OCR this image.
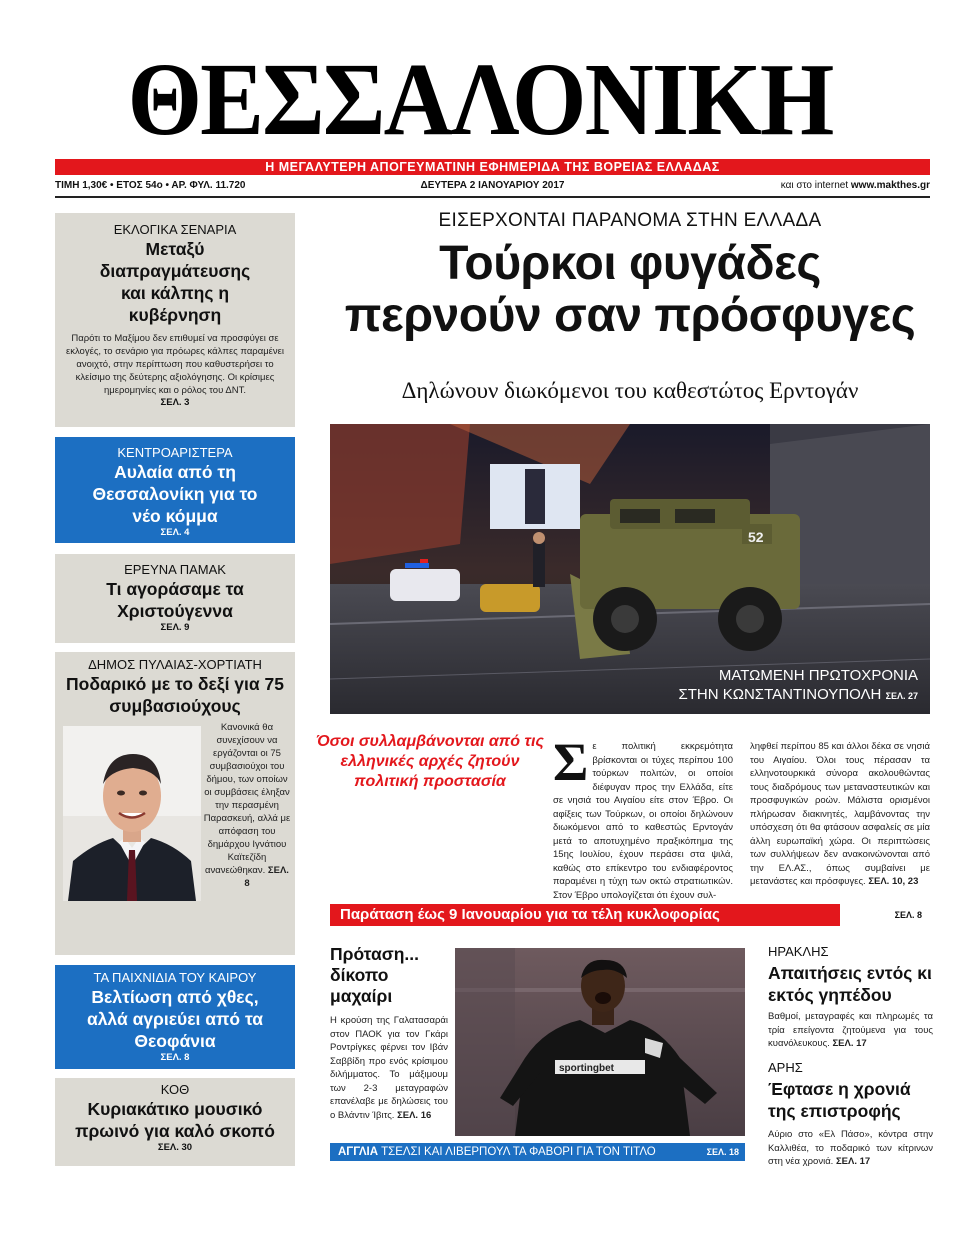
ΘΕΣΣΑΛΟΝΙΚΗ
Η ΜΕΓΑΛΥΤΕΡΗ ΑΠΟΓΕΥΜΑΤΙΝΗ ΕΦΗΜΕΡΙΔΑ ΤΗΣ ΒΟΡΕΙΑΣ ΕΛΛΑΔΑΣ
ΤΙΜΗ 1,30€ • ΕΤΟΣ 54ο • ΑΡ. ΦΥΛ. 11.720	ΔΕΥΤΕΡΑ 2 ΙΑΝΟΥΑΡΙΟΥ 2017	και στο internet www.makthes.gr
ΕΚΛΟΓΙΚΑ ΣΕΝΑΡΙΑ
Μεταξύ διαπραγμάτευσης και κάλπης η κυβέρνηση
Παρότι το Μαξίμου δεν επιθυμεί να προσφύγει σε εκλογές, το σενάριο για πρόωρες κάλπες παραμένει ανοιχτό, στην περίπτωση που καθυστερήσει το κλείσιμο της δεύτερης αξιολόγησης. Οι κρίσιμες ημερομηνίες και ο ρόλος του ΔΝΤ.
ΣΕΛ. 3
ΚΕΝΤΡΟΑΡΙΣΤΕΡΑ
Αυλαία από τη Θεσσαλονίκη για το νέο κόμμα
ΣΕΛ. 4
ΕΡΕΥΝΑ ΠΑΜΑΚ
Τι αγοράσαμε τα Χριστούγεννα
ΣΕΛ. 9
ΔΗΜΟΣ ΠΥΛΑΙΑΣ-ΧΟΡΤΙΑΤΗ
Ποδαρικό με το δεξί για 75 συμβασιούχους
Κανονικά θα συνεχίσουν να εργάζονται οι 75 συμβασιούχοι του δήμου, των οποίων οι συμβάσεις έληξαν την περασμένη Παρασκευή, αλλά με απόφαση του δημάρχου Ιγνάτιου Καϊτεζίδη ανανεώθηκαν. ΣΕΛ. 8
ΤΑ ΠΑΙΧΝΙΔΙΑ ΤΟΥ ΚΑΙΡΟΥ
Βελτίωση από χθες, αλλά αγριεύει από τα Θεοφάνια
ΣΕΛ. 8
ΚΟΘ
Κυριακάτικο μουσικό πρωινό για καλό σκοπό
ΣΕΛ. 30
ΕΙΣΕΡΧΟΝΤΑΙ ΠΑΡΑΝΟΜΑ ΣΤΗΝ ΕΛΛΑΔΑ
Τούρκοι φυγάδες
περνούν σαν πρόσφυγες
Δηλώνουν διωκόμενοι του καθεστώτος Ερντογάν
52
ΜΑΤΩΜΕΝΗ ΠΡΩΤΟΧΡΟΝΙΑ
ΣΤΗΝ ΚΩΝΣΤΑΝΤΙΝΟΥΠΟΛΗ ΣΕΛ. 27
Όσοι συλλαμβάνονται από τις ελληνικές αρχές ζητούν πολιτική προστασία Σε πολιτική εκκρεμότητα βρίσκονται οι τύχες περίπου 100 τούρκων πολιτών, οι οποίοι διέφυγαν προς την Ελλάδα, είτε σε νησιά του Αιγαίου είτε στον Έβρο. Οι αφίξεις των Τούρκων, οι οποίοι δηλώνουν διωκόμενοι από το καθεστώς Ερντογάν μετά το αποτυχημένο πραξικόπημα της 15ης Ιουλίου, έχουν περάσει στα ψιλά, καθώς στο επίκεντρο του ενδιαφέροντος παραμένει η τύχη των οκτώ στρατιωτικών. Στον Έβρο υπολογίζεται ότι έχουν συλ-
ληφθεί περίπου 85 και άλλοι δέκα σε νησιά του Αιγαίου. Όλοι τους πέρασαν τα ελληνοτουρκικά σύνορα ακολουθώντας τους διαδρόμους των μεταναστευτικών και προσφυγικών ροών. Μάλιστα ορισμένοι πλήρωσαν διακινητές, λαμβάνοντας την υπόσχεση ότι θα φτάσουν ασφαλείς σε μία άλλη ευρωπαϊκή χώρα. Οι περιπτώσεις των συλλήψεων δεν ανακοινώνονται από την ΕΛ.ΑΣ., όπως συμβαίνει με μετανάστες και πρόσφυγες. ΣΕΛ. 10, 23
Παράταση έως 9 Ιανουαρίου για τα τέλη κυκλοφορίας	ΣΕΛ. 8
Πρόταση... δίκοπο μαχαίρι
Η κρούση της Γαλατασαράι στον ΠΑΟΚ για τον Γκάρι Ροντρίγκες φέρνει τον Ιβάν Σαββίδη προ ενός κρίσιμου διλήμματος. Το μάξιμουμ των 2-3 μεταγραφών επανέλαβε με δηλώσεις του ο Βλάντιν Ίβιτς. ΣΕΛ. 16
sportingbet
ΑΓΓΛΙΑ ΤΣΕΛΣΙ ΚΑΙ ΛΙΒΕΡΠΟΥΛ ΤΑ ΦΑΒΟΡΙ ΓΙΑ ΤΟΝ ΤΙΤΛΟ	ΣΕΛ. 18
ΗΡΑΚΛΗΣ
Απαιτήσεις εντός κι εκτός γηπέδου
Βαθμοί, μεταγραφές και πληρωμές τα τρία επείγοντα ζητούμενα για τους κυανόλευκους. ΣΕΛ. 17
ΑΡΗΣ
Έφτασε η χρονιά της επιστροφής
Αύριο στο «Ελ Πάσο», κόντρα στην Καλλιθέα, το ποδαρικό των κίτρινων στη νέα χρονιά. ΣΕΛ. 17
